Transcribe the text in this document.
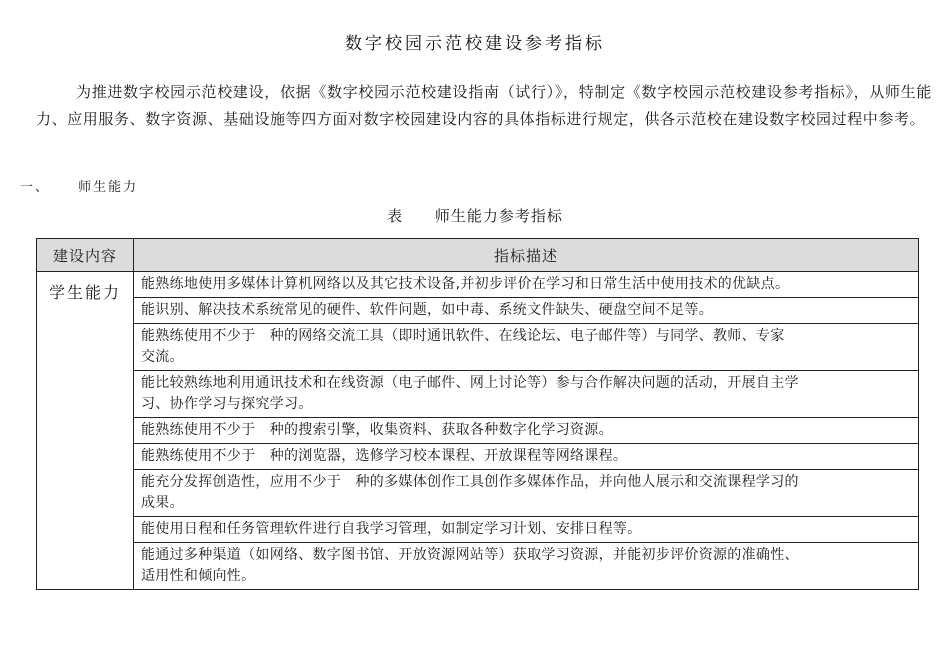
数字校园示范校建设参考指标

为推进数字校园示范校建设，依据《数字校园示范校建设指南（试行）》，特制定《数字校园示范校建设参考指标》，从师生能力、应用服务、数字资源、基础设施等四方面对数字校园建设内容的具体指标进行规定，供各示范校在建设数字校园过程中参考。

一、 师生能力
表 师生能力参考指标
建设内容	指标描述
学生能力	能熟练地使用多媒体计算机网络以及其它技术设备,并初步评价在学习和日常生活中使用技术的优缺点。

	能识别、解决技术系统常见的硬件、软件问题，如中毒、系统文件缺失、硬盘空间不足等。

	能熟练使用不少于　种的网络交流工具（即时通讯软件、在线论坛、电子邮件等）与同学、教师、专家
交流。

	能比较熟练地利用通讯技术和在线资源（电子邮件、网上讨论等）参与合作解决问题的活动，开展自主学
习、协作学习与探究学习。

	能熟练使用不少于　种的搜索引擎，收集资料、获取各种数字化学习资源。

	能熟练使用不少于　种的浏览器，选修学习校本课程、开放课程等网络课程。

	能充分发挥创造性，应用不少于　种的多媒体创作工具创作多媒体作品，并向他人展示和交流课程学习的
成果。

	能使用日程和任务管理软件进行自我学习管理，如制定学习计划、安排日程等。

	能通过多种渠道（如网络、数字图书馆、开放资源网站等）获取学习资源，并能初步评价资源的准确性、
适用性和倾向性。
